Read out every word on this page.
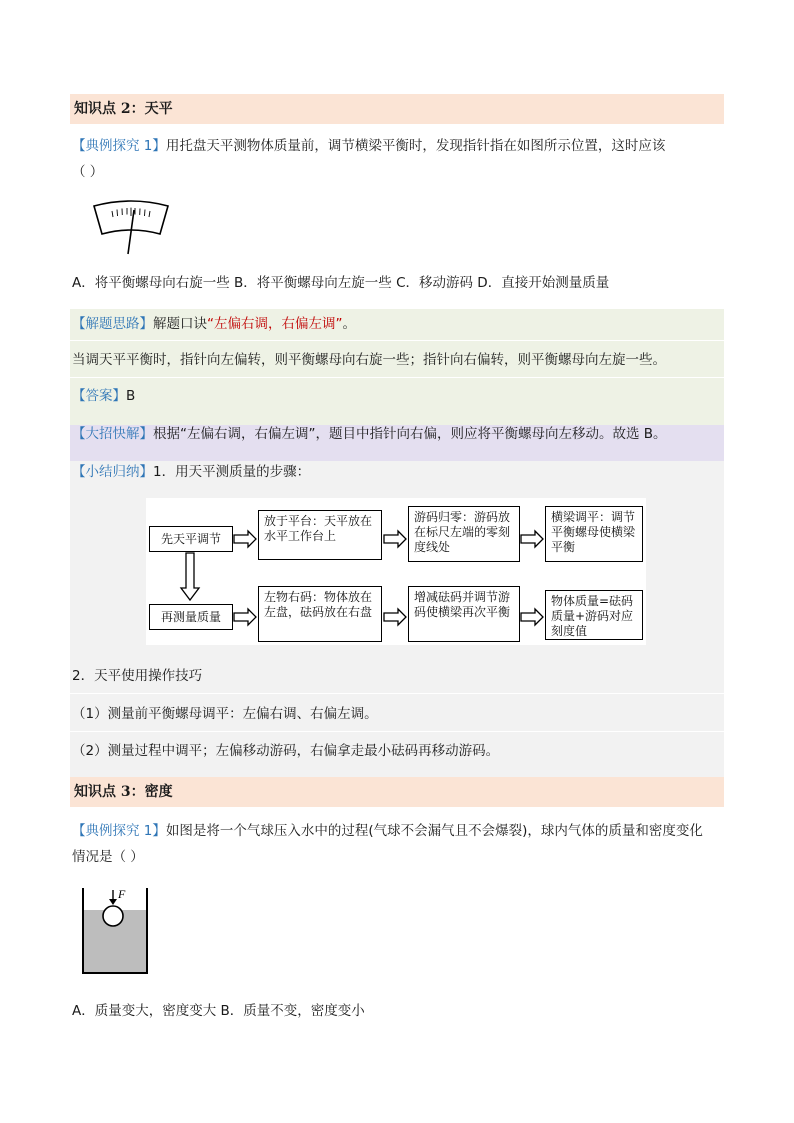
知识点 2：天平
【典例探究 1】用托盘天平测物体质量前，调节横梁平衡时，发现指针指在如图所示位置，这时应该
（ ）
A．将平衡螺母向右旋一些 B．将平衡螺母向左旋一些 C．移动游码 D．直接开始测量质量
【解题思路】解题口诀“左偏右调，右偏左调”。
当调天平平衡时，指针向左偏转，则平衡螺母向右旋一些；指针向右偏转，则平衡螺母向左旋一些。
【答案】B
【大招快解】根据“左偏右调，右偏左调”，题目中指针向右偏，则应将平衡螺母向左移动。故选 B。
【小结归纳】1．用天平测质量的步骤：
先天平调节
放于平台：天平放在水平工作台上
游码归零：游码放在标尺左端的零刻度线处
横梁调平：调节平衡螺母使横梁平衡
再测量质量
左物右码：物体放在左盘，砝码放在右盘
增减砝码并调节游码使横梁再次平衡
物体质量=砝码质量+游码对应刻度值
2．天平使用操作技巧
（1）测量前平衡螺母调平：左偏右调、右偏左调。
（2）测量过程中调平；左偏移动游码，右偏拿走最小砝码再移动游码。
知识点 3：密度
【典例探究 1】如图是将一个气球压入水中的过程(气球不会漏气且不会爆裂)，球内气体的质量和密度变化
情况是（ ）
F
A．质量变大，密度变大 B．质量不变，密度变小
